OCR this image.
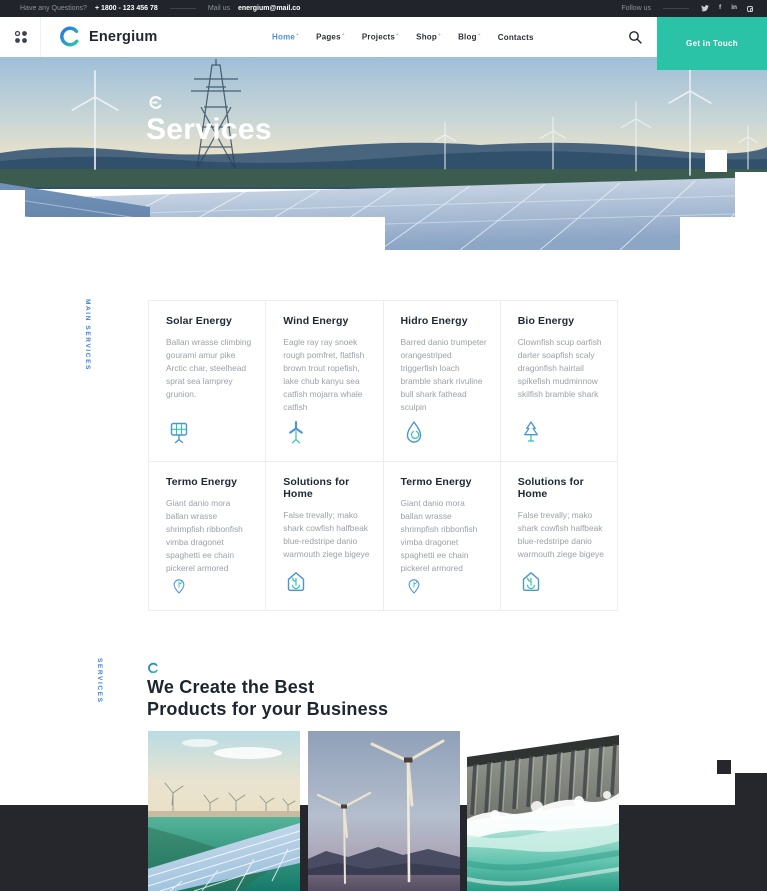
Have any Questions? + 1800 - 123 456 78	Mail us energium@mail.co	Follow us	f in
Energium	Home+ Pages+ Projects+ Shop+ Blog+ Contacts
Get in Touch
Services
MAIN SERVICES	Solar Energy

Ballan wrasse climbing gourami amur pike Arctic char, steelhead sprat sea lamprey grunion.

Wind Energy

Eagle ray ray snoek rough pomfret, flatfish brown trout ropefish, lake chub kanyu sea catfish mojarra whale catfish

Hidro Energy

Barred danio trumpeter orangestriped triggerfish loach bramble shark rivuline bull shark fathead sculpin

Bio Energy

Clownfish scup oarfish darter soapfish scaly dragonfish hairtail spikefish mudminnow skilfish bramble shark

Termo Energy

Giant danio mora ballan wrasse shrimpfish ribbonfish vimba dragonet spaghetti ee chain pickerel armored

Solutions for Home

False trevally; mako shark cowfish halfbeak blue-redstripe danio warmouth ziege bigeye

Termo Energy

Giant danio mora ballan wrasse shrimpfish ribbonfish vimba dragonet spaghetti ee chain pickerel armored

Solutions for Home

False trevally; mako shark cowfish halfbeak blue-redstripe danio warmouth ziege bigeye

SERVICES We Create the Best
Products for your Business
